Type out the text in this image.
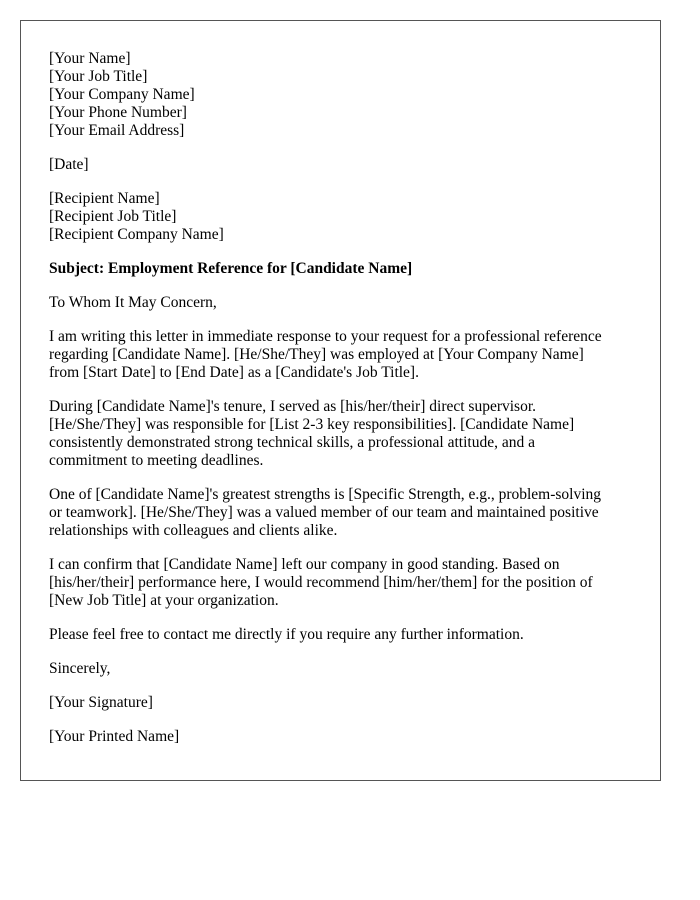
[Your Name]
[Your Job Title]
[Your Company Name]
[Your Phone Number]
[Your Email Address]
[Date]
[Recipient Name]
[Recipient Job Title]
[Recipient Company Name]
Subject: Employment Reference for [Candidate Name]
To Whom It May Concern,
I am writing this letter in immediate response to your request for a professional reference
regarding [Candidate Name]. [He/She/They] was employed at [Your Company Name]
from [Start Date] to [End Date] as a [Candidate's Job Title].
During [Candidate Name]'s tenure, I served as [his/her/their] direct supervisor.
[He/She/They] was responsible for [List 2-3 key responsibilities]. [Candidate Name]
consistently demonstrated strong technical skills, a professional attitude, and a
commitment to meeting deadlines.
One of [Candidate Name]'s greatest strengths is [Specific Strength, e.g., problem-solving
or teamwork]. [He/She/They] was a valued member of our team and maintained positive
relationships with colleagues and clients alike.
I can confirm that [Candidate Name] left our company in good standing. Based on
[his/her/their] performance here, I would recommend [him/her/them] for the position of
[New Job Title] at your organization.
Please feel free to contact me directly if you require any further information.
Sincerely,
[Your Signature]
[Your Printed Name]
